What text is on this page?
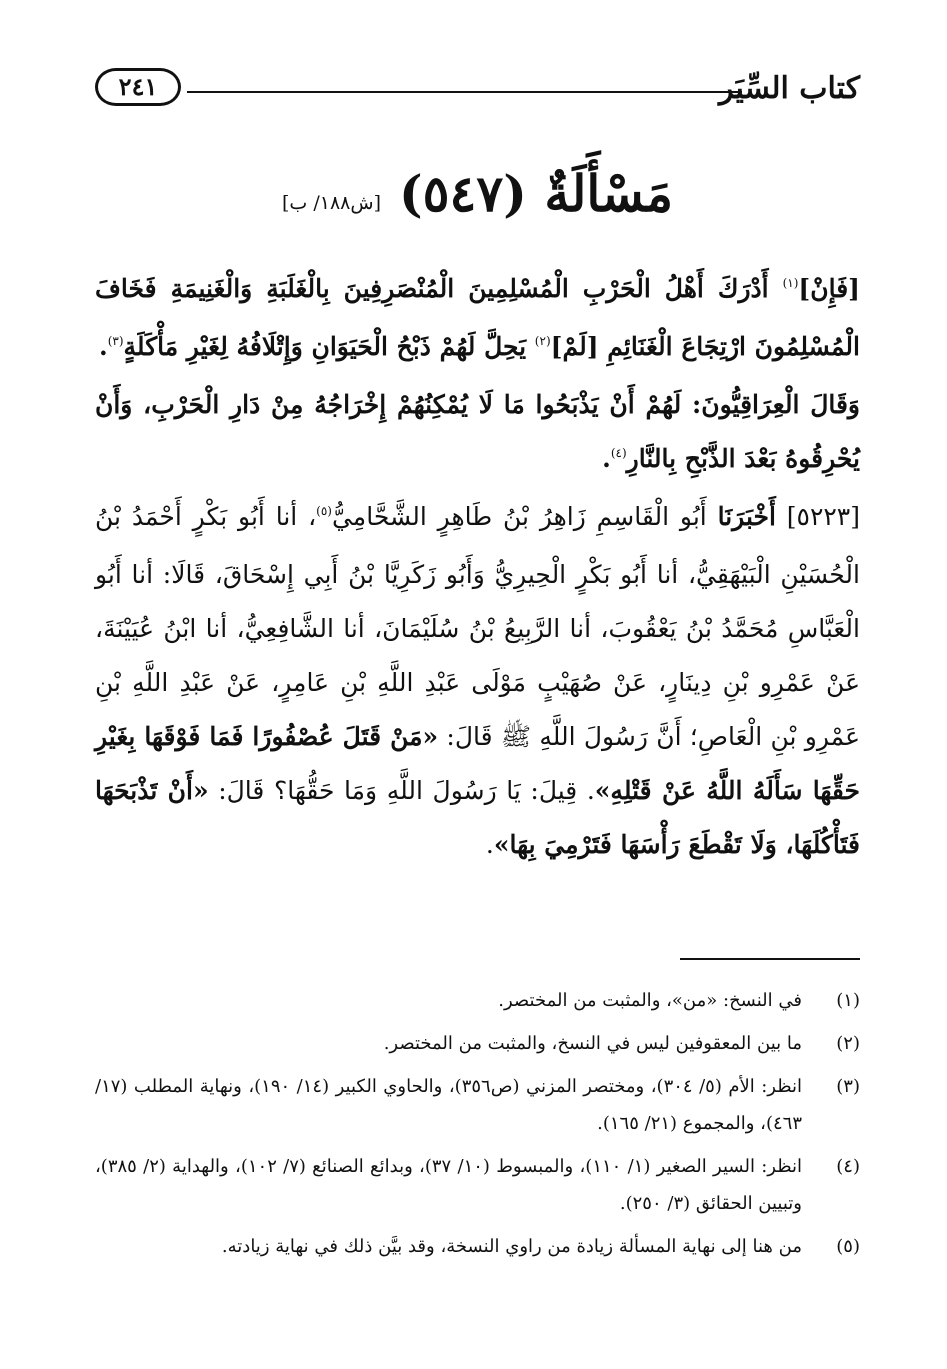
كتاب السِّيَر
٢٤١
مَسْأَلَةٌ (٥٤٧)
[ش١٨٨/ ب]

[فَإِنْ]$^{(١)}$ أَدْرَكَ أَهْلُ الْحَرْبِ الْمُسْلِمِينَ الْمُنْصَرِفِينَ بِالْغَلَبَةِ وَالْغَنِيمَةِ فَخَافَ الْمُسْلِمُونَ ارْتِجَاعَ الْغَنَائِمِ [لَمْ]$^{(٢)}$ يَحِلَّ لَهُمْ ذَبْحُ الْحَيَوَانِ وَإِتْلَافُهُ لِغَيْرِ مَأْكَلَةٍ$^{(٣)}$.

وَقَالَ الْعِرَاقِيُّونَ: لَهُمْ أَنْ يَذْبَحُوا مَا لَا يُمْكِنُهُمْ إِخْرَاجُهُ مِنْ دَارِ الْحَرْبِ، وَأَنْ يُحْرِقُوهُ بَعْدَ الذَّبْحِ بِالنَّارِ$^{(٤)}$.

[٥٢٢٣] أَخْبَرَنَا أَبُو الْقَاسِمِ زَاهِرُ بْنُ طَاهِرٍ الشَّحَّامِيُّ$^{(٥)}$، أنا أَبُو بَكْرٍ أَحْمَدُ بْنُ الْحُسَيْنِ الْبَيْهَقِيُّ، أنا أَبُو بَكْرٍ الْحِيرِيُّ وَأَبُو زَكَرِيَّا بْنُ أَبِي إِسْحَاقَ، قَالَا: أنا أَبُو الْعَبَّاسِ مُحَمَّدُ بْنُ يَعْقُوبَ، أنا الرَّبِيعُ بْنُ سُلَيْمَانَ، أنا الشَّافِعِيُّ، أنا ابْنُ عُيَيْنَةَ، عَنْ عَمْرِو بْنِ دِينَارٍ، عَنْ صُهَيْبٍ مَوْلَى عَبْدِ اللَّهِ بْنِ عَامِرٍ، عَنْ عَبْدِ اللَّهِ بْنِ عَمْرِو بْنِ الْعَاصِ؛ أَنَّ رَسُولَ اللَّهِ ﷺ قَالَ: «مَنْ قَتَلَ عُصْفُورًا فَمَا فَوْقَهَا بِغَيْرِ حَقِّهَا سَأَلَهُ اللَّهُ عَنْ قَتْلِهِ». قِيلَ: يَا رَسُولَ اللَّهِ وَمَا حَقُّهَا؟ قَالَ: «أَنْ تَذْبَحَهَا فَتَأْكُلَهَا، وَلَا تَقْطَعَ رَأْسَهَا فَتَرْمِيَ بِهَا».

(١)
في النسخ: «من»، والمثبت من المختصر.
(٢)
ما بين المعقوفين ليس في النسخ، والمثبت من المختصر.
(٣)
انظر: الأم (٥/ ٣٠٤)، ومختصر المزني (ص٣٥٦)، والحاوي الكبير (١٤/ ١٩٠)، ونهاية المطلب (١٧/ ٤٦٣)، والمجموع (٢١/ ١٦٥).
(٤)
انظر: السير الصغير (١/ ١١٠)، والمبسوط (١٠/ ٣٧)، وبدائع الصنائع (٧/ ١٠٢)، والهداية (٢/ ٣٨٥)، وتبيين الحقائق (٣/ ٢٥٠).
(٥)
من هنا إلى نهاية المسألة زيادة من راوي النسخة، وقد بيَّن ذلك في نهاية زيادته.
